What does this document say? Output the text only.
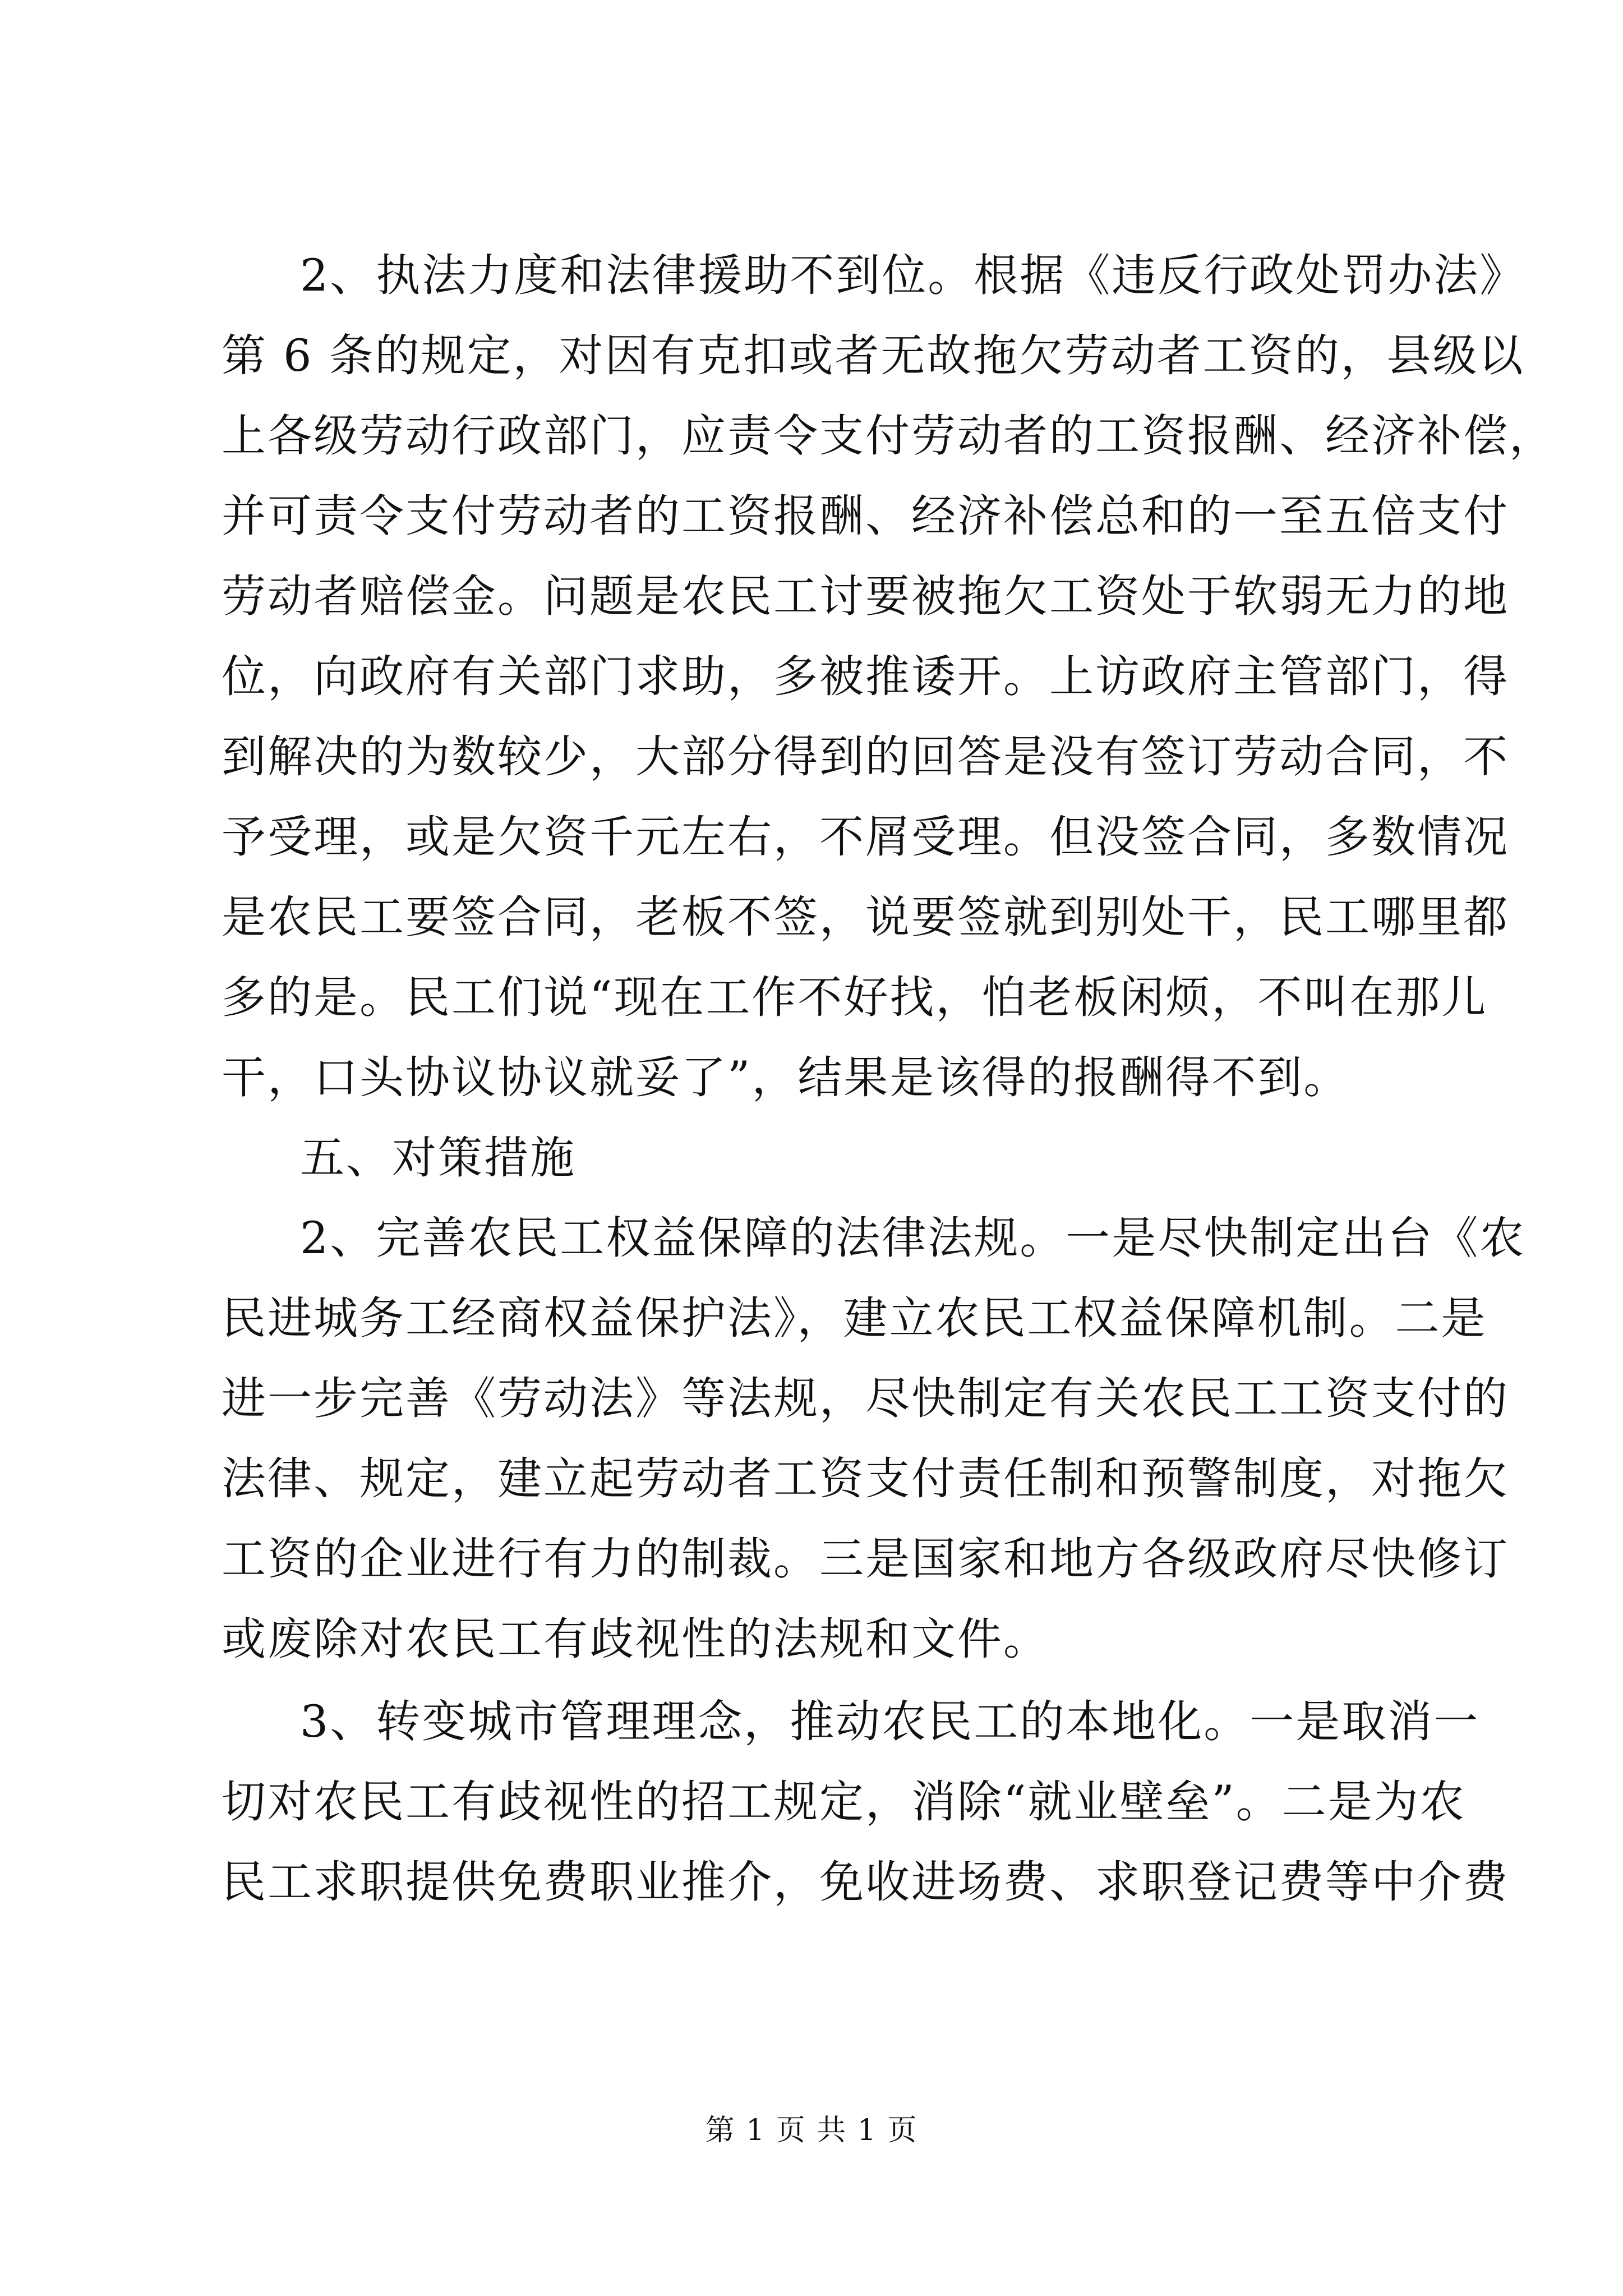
2、执法力度和法律援助不到位。根据《违反行政处罚办法》
第 6 条的规定，对因有克扣或者无故拖欠劳动者工资的，县级以
上各级劳动行政部门，应责令支付劳动者的工资报酬、经济补偿，
并可责令支付劳动者的工资报酬、经济补偿总和的一至五倍支付
劳动者赔偿金。问题是农民工讨要被拖欠工资处于软弱无力的地
位，向政府有关部门求助，多被推诿开。上访政府主管部门，得
到解决的为数较少，大部分得到的回答是没有签订劳动合同，不
予受理，或是欠资千元左右，不屑受理。但没签合同，多数情况
是农民工要签合同，老板不签，说要签就到别处干，民工哪里都
多的是。民工们说“现在工作不好找，怕老板闲烦，不叫在那儿
干，口头协议协议就妥了”，结果是该得的报酬得不到。
五、对策措施
2、完善农民工权益保障的法律法规。一是尽快制定出台《农
民进城务工经商权益保护法》，建立农民工权益保障机制。二是
进一步完善《劳动法》等法规，尽快制定有关农民工工资支付的
法律、规定，建立起劳动者工资支付责任制和预警制度，对拖欠
工资的企业进行有力的制裁。三是国家和地方各级政府尽快修订
或废除对农民工有歧视性的法规和文件。
3、转变城市管理理念，推动农民工的本地化。一是取消一
切对农民工有歧视性的招工规定，消除“就业壁垒”。二是为农
民工求职提供免费职业推介，免收进场费、求职登记费等中介费
第 1 页 共 1 页
